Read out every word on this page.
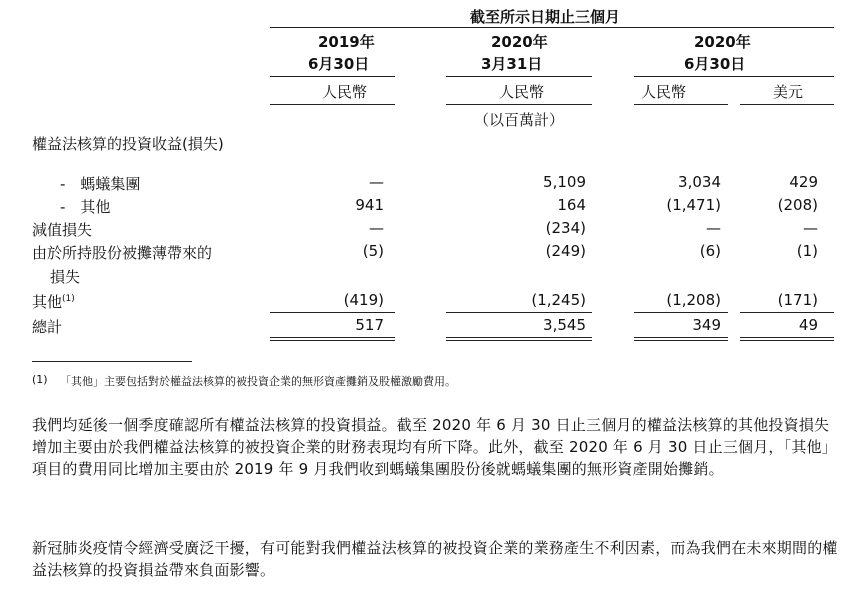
截至所示日期止三個月
2019年
6月30日
2020年
3月31日
2020年
6月30日
人民幣	人民幣	人民幣	美元
（以百萬計）
權益法核算的投資收益(損失)
-　螞蟻集團	—	5,109	3,034	429
-　其他	941	164	(1,471)	(208)
減值損失	—	(234)	—	—
由於所持股份被攤薄帶來的
損失
(5)	(249)	(6)	(1)
其他$^{(1)}$	(419)	(1,245)	(1,208)	(171)
總計	517	3,545	349	49
(1) 「其他」主要包括對於權益法核算的被投資企業的無形資產攤銷及股權激勵費用。
我們均延後一個季度確認所有權益法核算的投資損益。截至 2020 年 6 月 30 日止三個月的權益法核算的其他投資損失增加主要由於我們權益法核算的被投資企業的財務表現均有所下降。此外，截至 2020 年 6 月 30 日止三個月，「其他」項目的費用同比增加主要由於 2019 年 9 月我們收到螞蟻集團股份後就螞蟻集團的無形資產開始攤銷。
新冠肺炎疫情令經濟受廣泛干擾，有可能對我們權益法核算的被投資企業的業務產生不利因素，而為我們在未來期間的權益法核算的投資損益帶來負面影響。
